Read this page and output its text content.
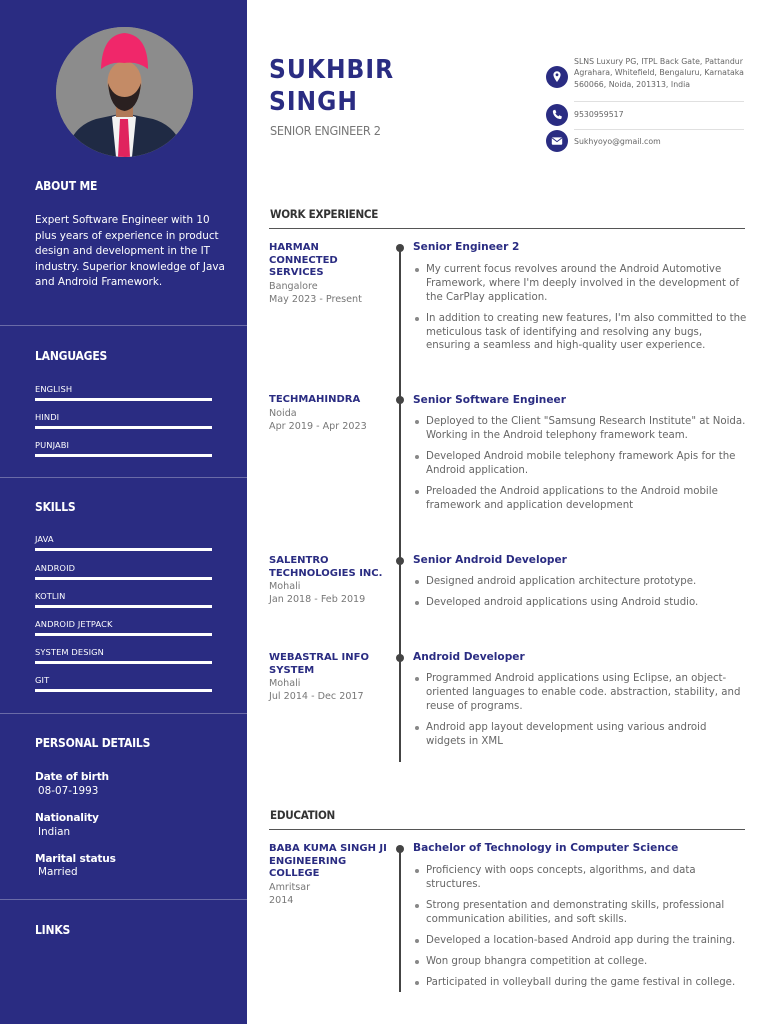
ABOUT ME
Expert Software Engineer with 10 plus years of experience in product design and development in the IT industry. Superior knowledge of Java and Android Framework.
LANGUAGES
ENGLISH
HINDI
PUNJABI
SKILLS
JAVA
ANDROID
KOTLIN
ANDROID JETPACK
SYSTEM DESIGN
GIT
PERSONAL DETAILS
Date of birth
08-07-1993
Nationality
Indian
Marital status
Married
LINKS
SUKHBIR
SINGH
SENIOR ENGINEER 2
SLNS Luxury PG, ITPL Back Gate, Pattandur Agrahara, Whitefield, Bengaluru, Karnataka 560066, Noida, 201313, India
9530959517
Sukhyoyo@gmail.com
WORK EXPERIENCE
HARMAN CONNECTED SERVICES
Bangalore
May 2023 - Present
Senior Engineer 2
My current focus revolves around the Android Automotive Framework, where I'm deeply involved in the development of the CarPlay application.
In addition to creating new features, I'm also committed to the meticulous task of identifying and resolving any bugs, ensuring a seamless and high-quality user experience.
TECHMAHINDRA
Noida
Apr 2019 - Apr 2023
Senior Software Engineer
Deployed to the Client "Samsung Research Institute" at Noida. Working in the Android telephony framework team.
Developed Android mobile telephony framework Apis for the Android application.
Preloaded the Android applications to the Android mobile framework and application development
SALENTRO TECHNOLOGIES INC.
Mohali
Jan 2018 - Feb 2019
Senior Android Developer
Designed android application architecture prototype.
Developed android applications using Android studio.
WEBASTRAL INFO SYSTEM
Mohali
Jul 2014 - Dec 2017
Android Developer
Programmed Android applications using Eclipse, an object-oriented languages to enable code. abstraction, stability, and reuse of programs.
Android app layout development using various android widgets in XML
EDUCATION
BABA KUMA SINGH JI ENGINEERING COLLEGE
Amritsar
2014
Bachelor of Technology in Computer Science
Proficiency with oops concepts, algorithms, and data structures.
Strong presentation and demonstrating skills, professional communication abilities, and soft skills.
Developed a location-based Android app during the training.
Won group bhangra competition at college.
Participated in volleyball during the game festival in college.
